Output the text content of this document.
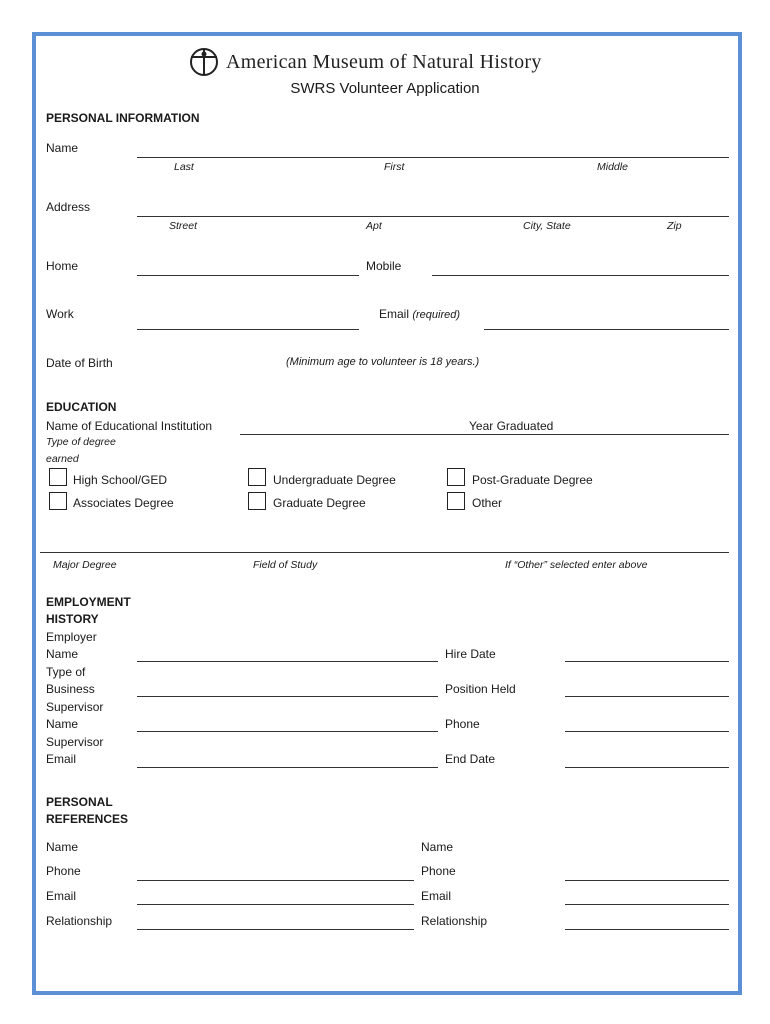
American Museum of Natural History
SWRS Volunteer Application
PERSONAL INFORMATION
Name
Last	First	Middle
Address
Street	Apt	City, State	Zip
Home	Mobile
Work	Email (required)
Date of Birth	(Minimum age to volunteer is 18 years.)
EDUCATION
Name of Educational Institution	Year Graduated
Type of degree
earned
High School/GED	Undergraduate Degree	Post-Graduate Degree
Associates Degree	Graduate Degree	Other
Major Degree	Field of Study	If “Other” selected enter above
EMPLOYMENT
HISTORY
Employer
Name	Hire Date
Type of
Business	Position Held
Supervisor
Name	Phone
Supervisor
Email	End Date
PERSONAL
REFERENCES
Name	Name
Phone	Phone
Email	Email
Relationship	Relationship
